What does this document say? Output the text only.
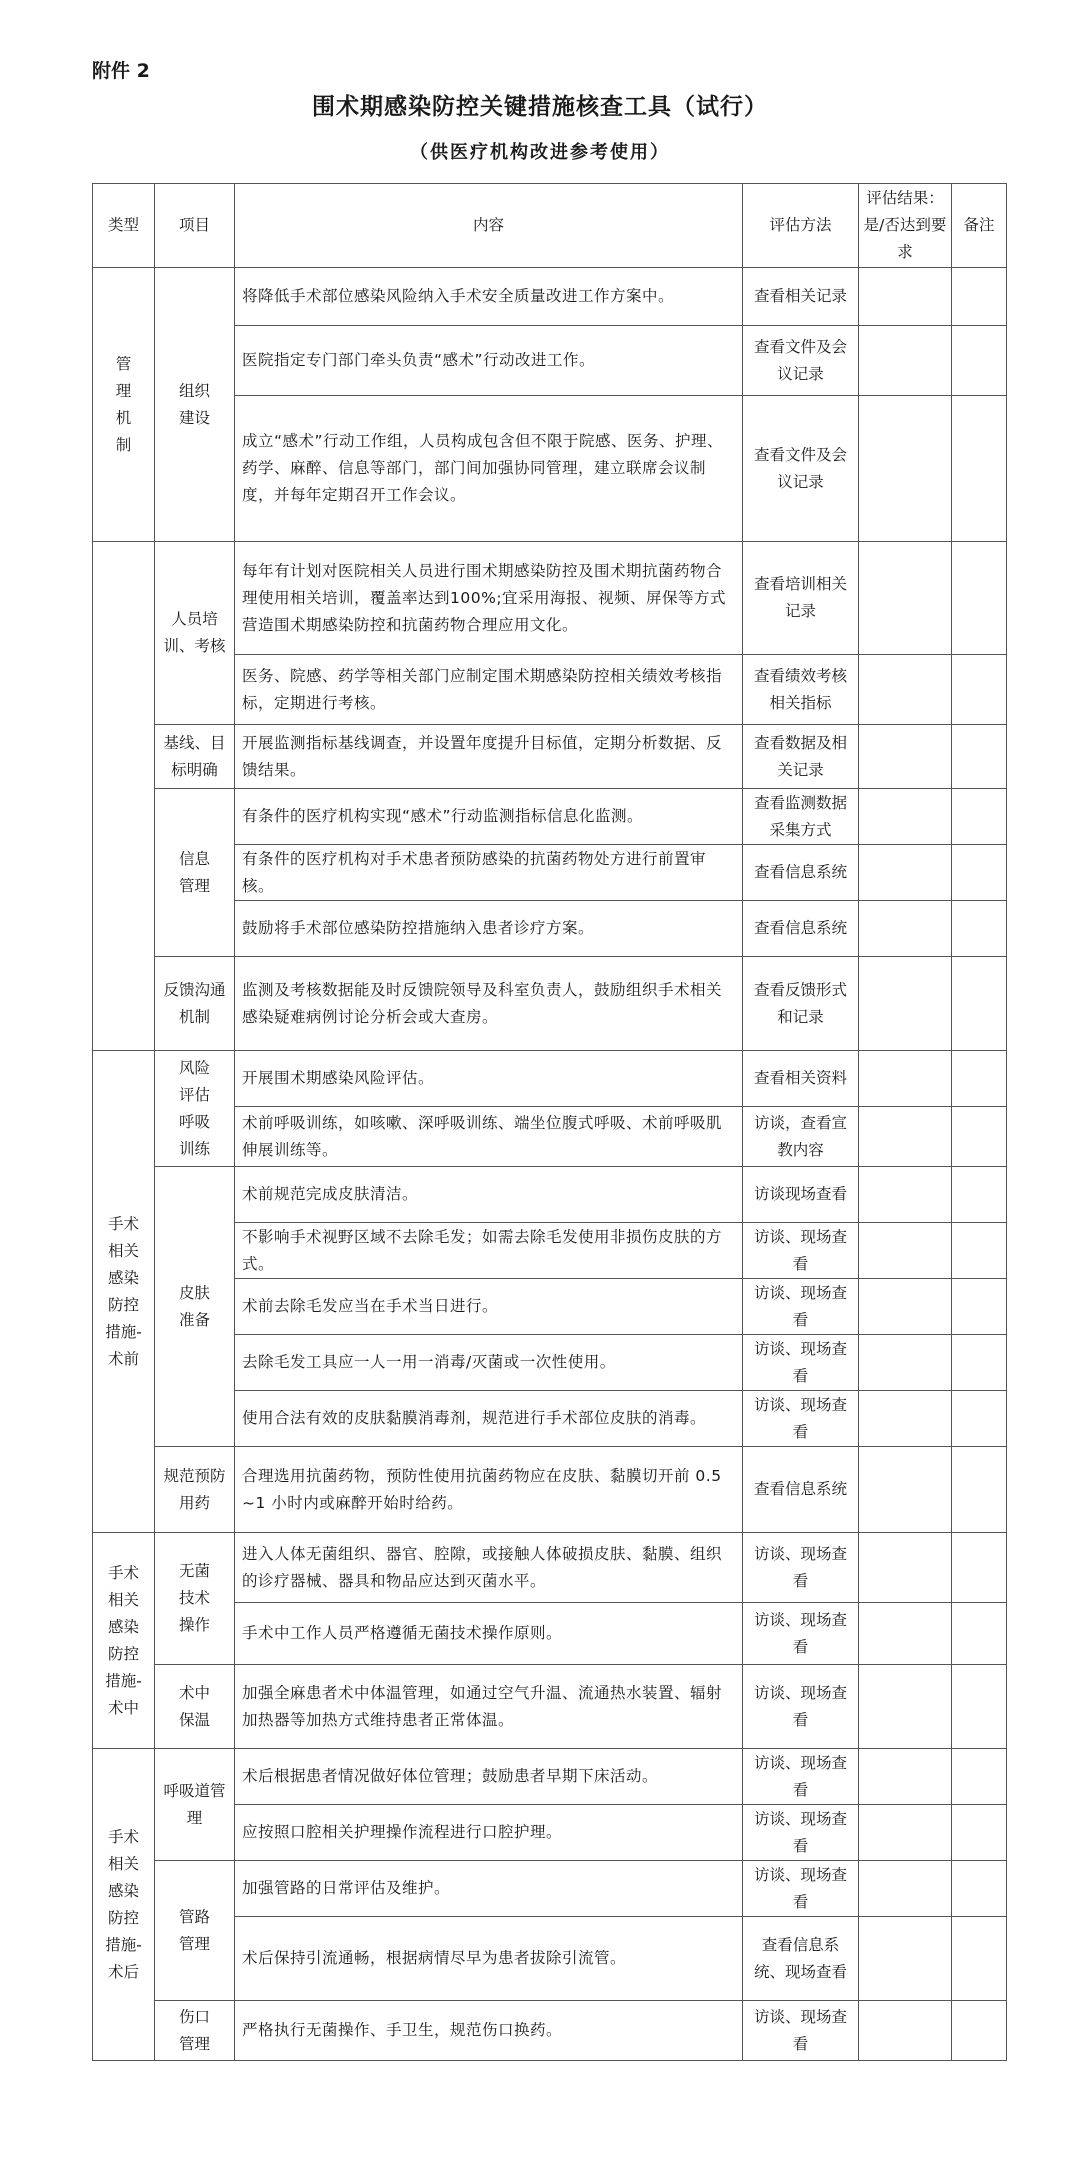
附件 2
围术期感染防控关键措施核查工具（试行）
（供医疗机构改进参考使用）
类型	项目	内容	评估方法	评估结果：是/否达到要求	备注
管理机制	组织建设	将降低手术部位感染风险纳入手术安全质量改进工作方案中。	查看相关记录		
		医院指定专门部门牵头负责“感术”行动改进工作。	查看文件及会议记录		
		成立“感术”行动工作组，人员构成包含但不限于院感、医务、护理、药学、麻醉、信息等部门，部门间加强协同管理，建立联席会议制度，并每年定期召开工作会议。	查看文件及会议记录		
	人员培训、考核	每年有计划对医院相关人员进行围术期感染防控及围术期抗菌药物合理使用相关培训，覆盖率达到100%;宜采用海报、视频、屏保等方式营造围术期感染防控和抗菌药物合理应用文化。	查看培训相关记录		
		医务、院感、药学等相关部门应制定围术期感染防控相关绩效考核指标，定期进行考核。	查看绩效考核相关指标		
	基线、目标明确	开展监测指标基线调查，并设置年度提升目标值，定期分析数据、反馈结果。	查看数据及相关记录		
	信息管理	有条件的医疗机构实现“感术”行动监测指标信息化监测。	查看监测数据采集方式		
		有条件的医疗机构对手术患者预防感染的抗菌药物处方进行前置审核。	查看信息系统		
		鼓励将手术部位感染防控措施纳入患者诊疗方案。	查看信息系统		
	反馈沟通机制	监测及考核数据能及时反馈院领导及科室负责人，鼓励组织手术相关感染疑难病例讨论分析会或大查房。	查看反馈形式和记录		
手术相关感染防控措施-术前	风险评估呼吸训练	开展围术期感染风险评估。	查看相关资料		
		术前呼吸训练，如咳嗽、深呼吸训练、端坐位腹式呼吸、术前呼吸肌伸展训练等。	访谈，查看宣教内容		
	皮肤准备	术前规范完成皮肤清洁。	访谈现场查看		
		不影响手术视野区域不去除毛发；如需去除毛发使用非损伤皮肤的方式。	访谈、现场查看		
		术前去除毛发应当在手术当日进行。	访谈、现场查看		
		去除毛发工具应一人一用一消毒/灭菌或一次性使用。	访谈、现场查看		
		使用合法有效的皮肤黏膜消毒剂，规范进行手术部位皮肤的消毒。	访谈、现场查看		
	规范预防用药	合理选用抗菌药物，预防性使用抗菌药物应在皮肤、黏膜切开前 0.5~1 小时内或麻醉开始时给药。	查看信息系统		
手术相关感染防控措施-术中	无菌技术操作	进入人体无菌组织、器官、腔隙，或接触人体破损皮肤、黏膜、组织的诊疗器械、器具和物品应达到灭菌水平。	访谈、现场查看		
		手术中工作人员严格遵循无菌技术操作原则。	访谈、现场查看		
	术中保温	加强全麻患者术中体温管理，如通过空气升温、流通热水装置、辐射加热器等加热方式维持患者正常体温。	访谈、现场查看		
手术相关感染防控措施-术后	呼吸道管理	术后根据患者情况做好体位管理；鼓励患者早期下床活动。	访谈、现场查看		
		应按照口腔相关护理操作流程进行口腔护理。	访谈、现场查看		
	管路管理	加强管路的日常评估及维护。	访谈、现场查看		
		术后保持引流通畅，根据病情尽早为患者拔除引流管。	查看信息系统、现场查看		
	伤口管理	严格执行无菌操作、手卫生，规范伤口换药。	访谈、现场查看		
